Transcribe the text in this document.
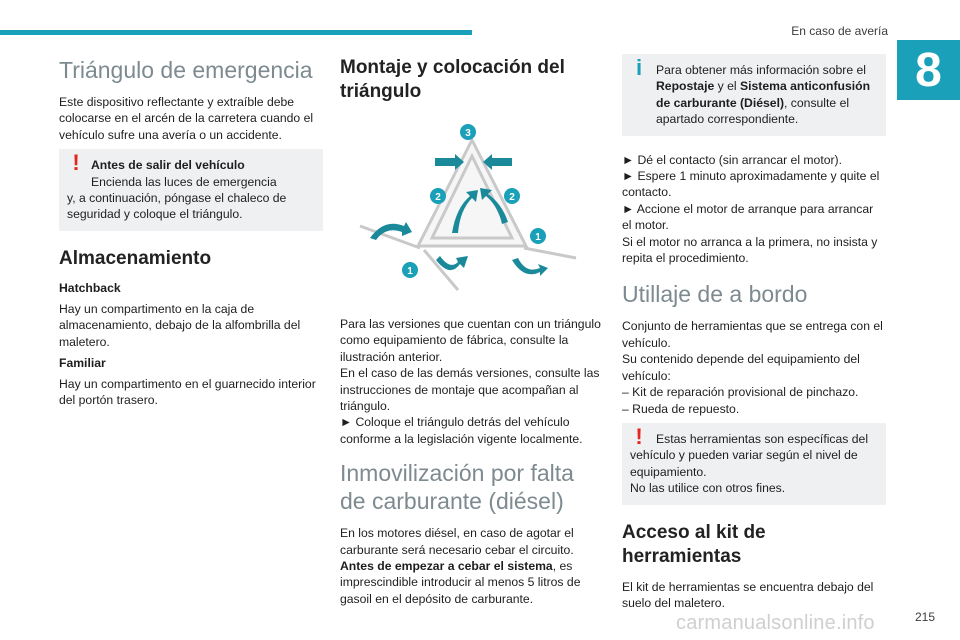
En caso de avería
8
Triángulo de emergencia

Este dispositivo reflectante y extraíble debe colocarse en el arcén de la carretera cuando el vehículo sufre una avería o un accidente.

! Antes de salir del vehículo
Encienda las luces de emergencia
y, a continuación, póngase el chaleco de seguridad y coloque el triángulo.
Almacenamiento
Hatchback

Hay un compartimento en la caja de almacenamiento, debajo de la alfombrilla del maletero.

Familiar

Hay un compartimento en el guarnecido interior del portón trasero.

Montaje y colocación del triángulo
3
2	2
1
1

Para las versiones que cuentan con un triángulo como equipamiento de fábrica, consulte la ilustración anterior.

En el caso de las demás versiones, consulte las instrucciones de montaje que acompañan al triángulo.

► Coloque el triángulo detrás del vehículo conforme a la legislación vigente localmente.

Inmovilización por falta de carburante (diésel)

En los motores diésel, en caso de agotar el carburante será necesario cebar el circuito.

Antes de empezar a cebar el sistema, es imprescindible introducir al menos 5 litros de gasoil en el depósito de carburante.

i	Para obtener más información sobre el Repostaje y el Sistema anticonfusión de carburante (Diésel), consulte el apartado correspondiente.

► Dé el contacto (sin arrancar el motor).

► Espere 1 minuto aproximadamente y quite el contacto.

► Accione el motor de arranque para arrancar el motor.

Si el motor no arranca a la primera, no insista y repita el procedimiento.

Utillaje de a bordo

Conjunto de herramientas que se entrega con el vehículo.

Su contenido depende del equipamiento del vehículo:

– Kit de reparación provisional de pinchazo.

– Rueda de repuesto.

!	Estas herramientas son específicas del
vehículo y pueden variar según el nivel de equipamiento.
No las utilice con otros fines.
Acceso al kit de herramientas

El kit de herramientas se encuentra debajo del suelo del maletero.

carmanualsonline.info	215
